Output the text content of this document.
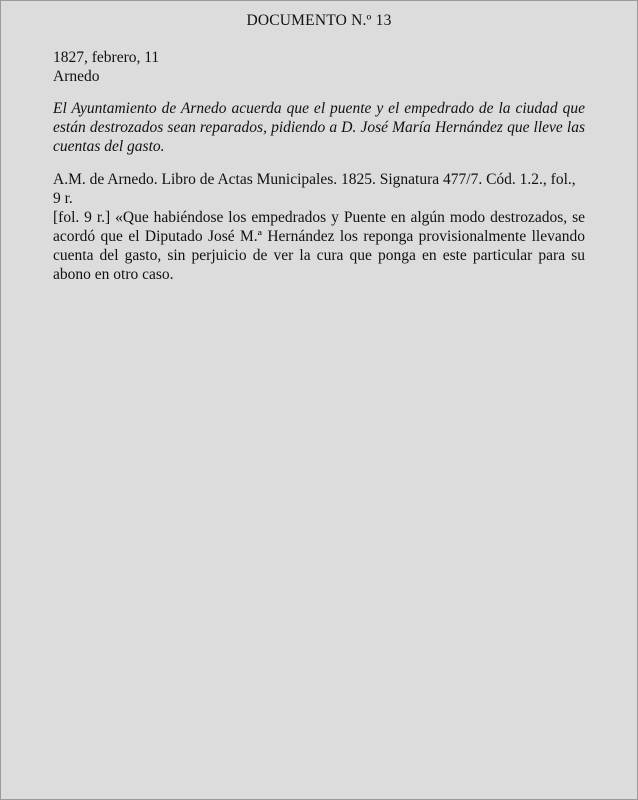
DOCUMENTO N.º 13
1827, febrero, 11
Arnedo
El Ayuntamiento de Arnedo acuerda que el puente y el empedrado de la ciudad que están destrozados sean reparados, pidiendo a D. José María Hernández que lleve las cuentas del gasto.
A.M. de Arnedo. Libro de Actas Municipales. 1825. Signatura 477/7. Cód. 1.2., fol., 9 r.
[fol. 9 r.] «Que habiéndose los empedrados y Puente en algún modo destrozados, se acordó que el Diputado José M.ª Hernández los reponga provisionalmente llevando cuenta del gasto, sin perjuicio de ver la cura que ponga en este particular para su abono en otro caso.
